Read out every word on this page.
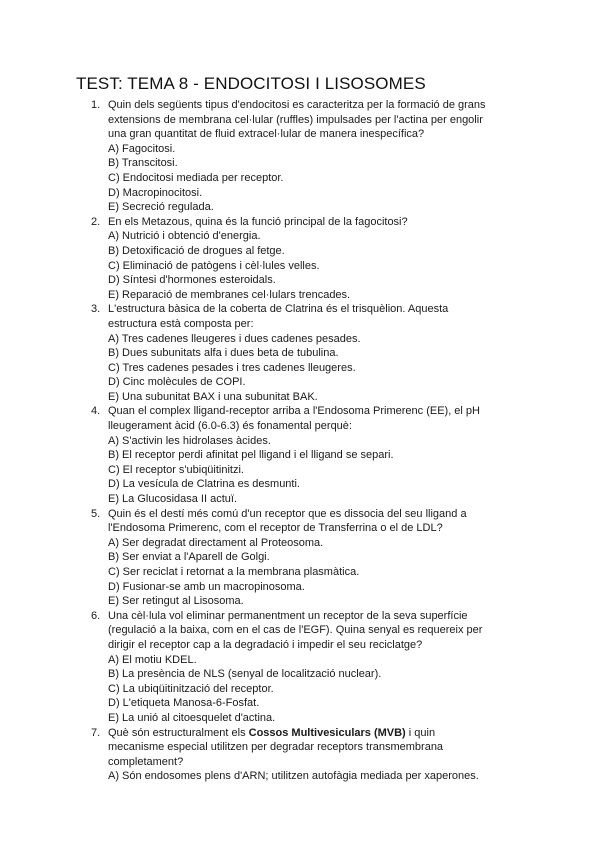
TEST: TEMA 8 - ENDOCITOSI I LISOSOMES
1. Quin dels següents tipus d'endocitosi es caracteritza per la formació de grans extensions de membrana cel·lular (ruffles) impulsades per l'actina per engolir una gran quantitat de fluid extracel·lular de manera inespecífica?
A) Fagocitosi.
B) Transcitosi.
C) Endocitosi mediada per receptor.
D) Macropinocitosi.
E) Secreció regulada.
2. En els Metazous, quina és la funció principal de la fagocitosi?
A) Nutrició i obtenció d'energia.
B) Detoxificació de drogues al fetge.
C) Eliminació de patògens i cèl·lules velles.
D) Síntesi d'hormones esteroidals.
E) Reparació de membranes cel·lulars trencades.
3. L'estructura bàsica de la coberta de Clatrina és el trisquèlion. Aquesta estructura està composta per:
A) Tres cadenes lleugeres i dues cadenes pesades.
B) Dues subunitats alfa i dues beta de tubulina.
C) Tres cadenes pesades i tres cadenes lleugeres.
D) Cinc molècules de COPI.
E) Una subunitat BAX i una subunitat BAK.
4. Quan el complex lligand-receptor arriba a l'Endosoma Primerenc (EE), el pH lleugerament àcid (6.0-6.3) és fonamental perquè:
A) S'activin les hidrolases àcides.
B) El receptor perdi afinitat pel lligand i el lligand se separi.
C) El receptor s'ubiqüitinitzi.
D) La vesícula de Clatrina es desmunti.
E) La Glucosidasa II actuï.
5. Quin és el destí més comú d'un receptor que es dissocia del seu lligand a l'Endosoma Primerenc, com el receptor de Transferrina o el de LDL?
A) Ser degradat directament al Proteosoma.
B) Ser enviat a l'Aparell de Golgi.
C) Ser reciclat i retornat a la membrana plasmàtica.
D) Fusionar-se amb un macropinosoma.
E) Ser retingut al Lisosoma.
6. Una cèl·lula vol eliminar permanentment un receptor de la seva superfície (regulació a la baixa, com en el cas de l'EGF). Quina senyal es requereix per dirigir el receptor cap a la degradació i impedir el seu reciclatge?
A) El motiu KDEL.
B) La presència de NLS (senyal de localització nuclear).
C) La ubiqüitinització del receptor.
D) L'etiqueta Manosa-6-Fosfat.
E) La unió al citoesquelet d'actina.
7. Què són estructuralment els Cossos Multivesiculars (MVB) i quin mecanisme especial utilitzen per degradar receptors transmembrana completament?
A) Són endosomes plens d'ARN; utilitzen autofàgia mediada per xaperones.
